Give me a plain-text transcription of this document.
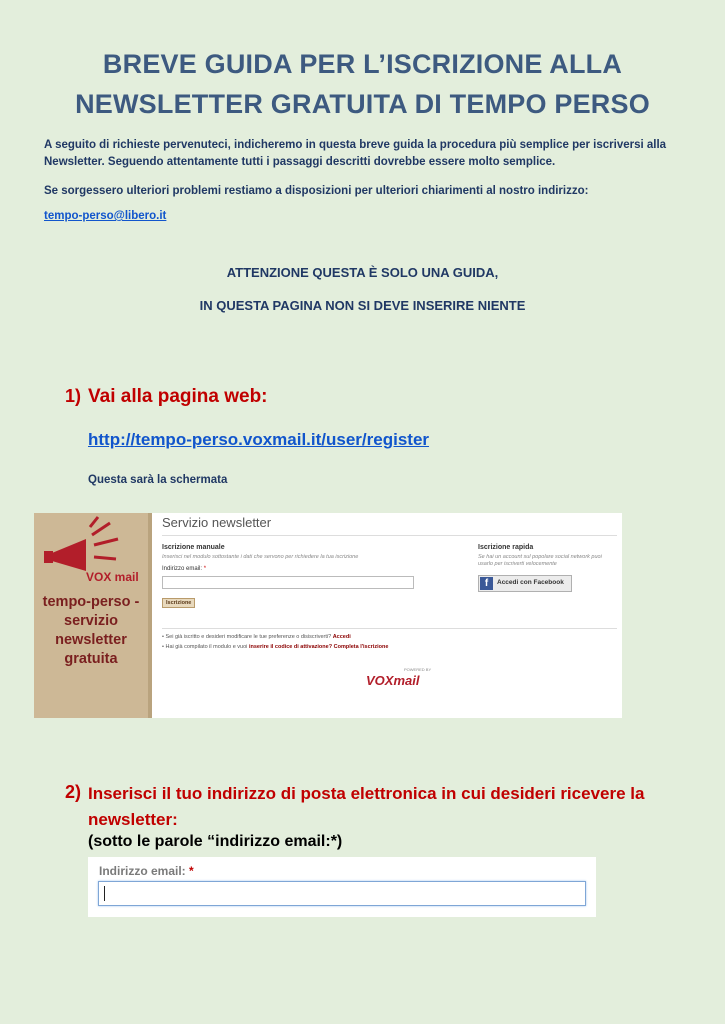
BREVE GUIDA PER L’ISCRIZIONE ALLA
NEWSLETTER GRATUITA DI TEMPO PERSO
A seguito di richieste pervenuteci, indicheremo in questa breve guida la procedura più semplice per iscriversi alla Newsletter. Seguendo attentamente tutti i passaggi descritti dovrebbe essere molto semplice.
Se sorgessero ulteriori problemi restiamo a disposizioni per ulteriori chiarimenti al nostro indirizzo:
tempo-perso@libero.it
ATTENZIONE QUESTA È SOLO UNA GUIDA,
IN QUESTA PAGINA NON SI DEVE INSERIRE NIENTE
1) Vai alla pagina web:
http://tempo-perso.voxmail.it/user/register
Questa sarà la schermata
VOX mail
tempo-perso - servizio newsletter gratuita
Servizio newsletter
Iscrizione manuale
Inserisci nel modulo sottostante i dati che servono per richiedere la tua iscrizione
Indirizzo email: *
Iscrizione
Iscrizione rapida
Se hai un account sul popolare social network puoi usarlo per iscriverti velocemente
f	Accedi con Facebook
• Sei già iscritto e desideri modificare le tue preferenze o disiscriverti? Accedi
• Hai già compilato il modulo e vuoi inserire il codice di attivazione? Completa l'iscrizione
POWERED BY
VOXmail
2) Inserisci il tuo indirizzo di posta elettronica in cui desideri ricevere la newsletter:
(sotto le parole “indirizzo email:*)
Indirizzo email: *
